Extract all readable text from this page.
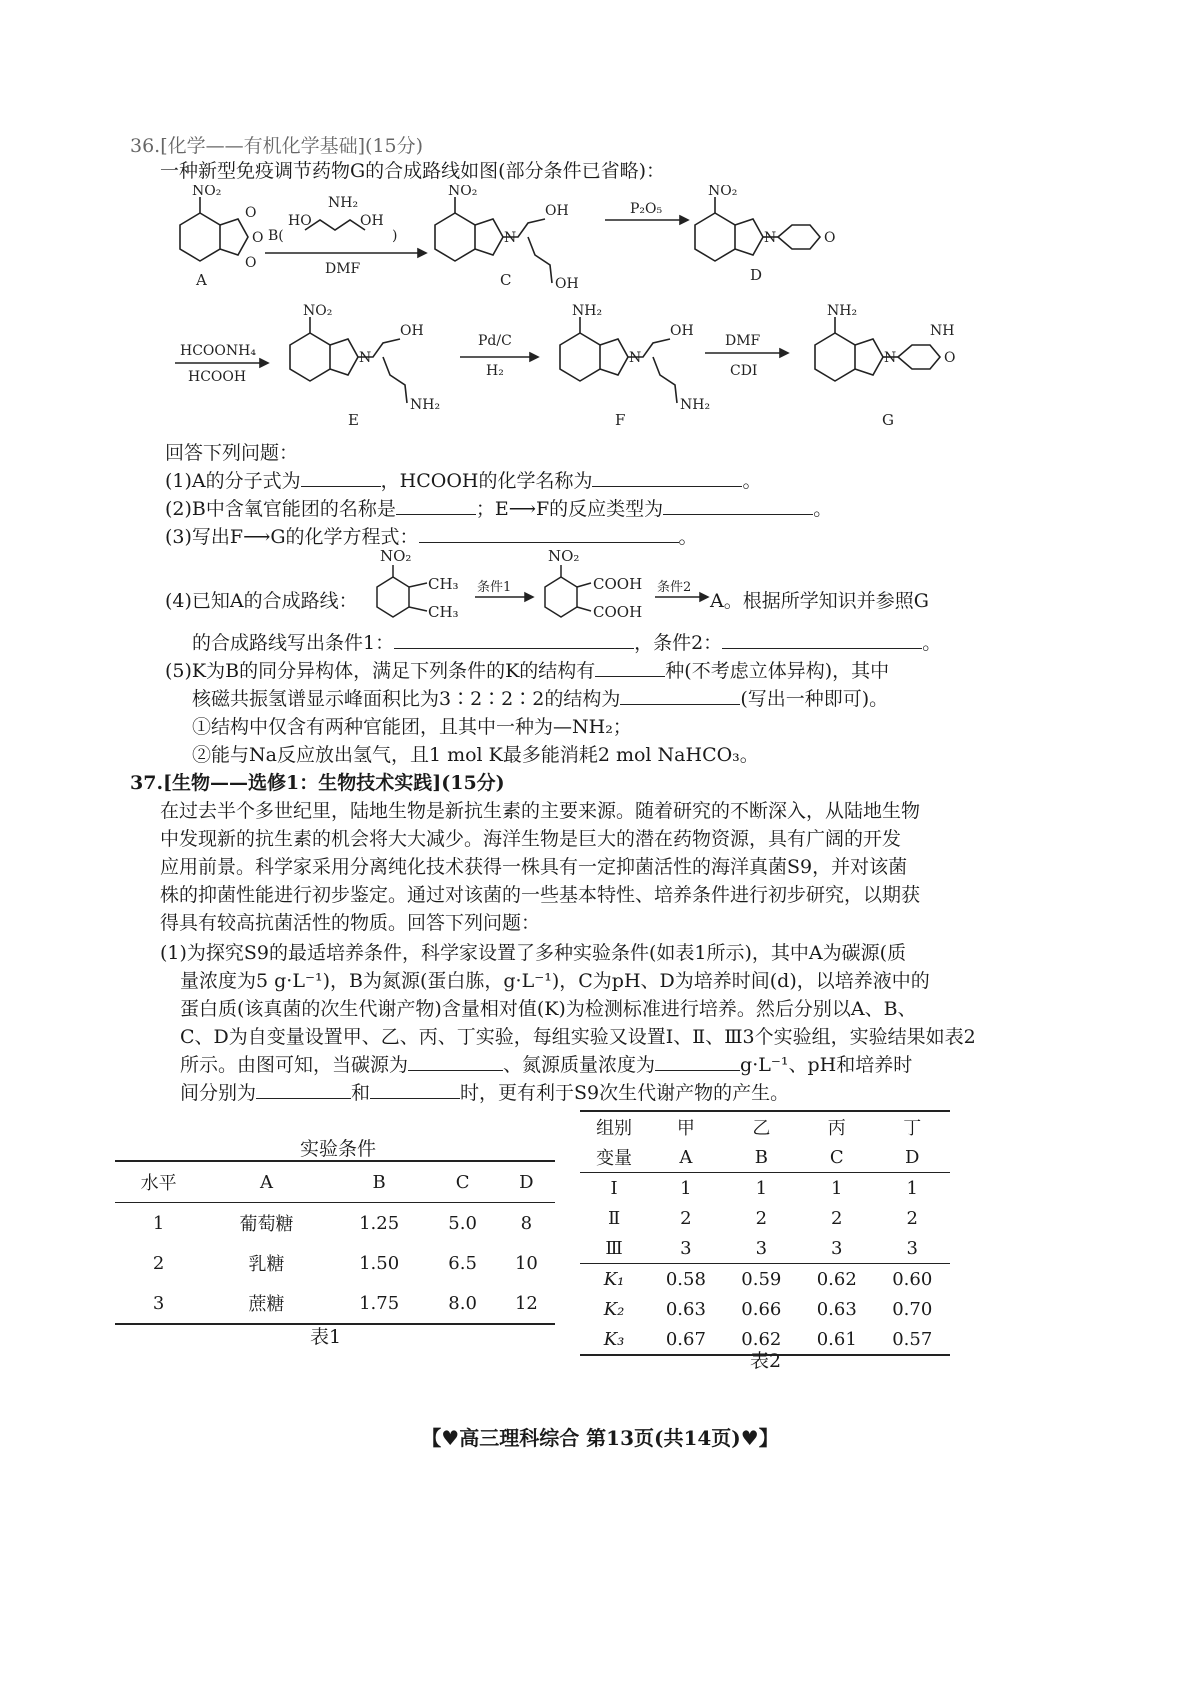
36.[化学——有机化学基础](15分)
一种新型免疫调节药物G的合成路线如图(部分条件已省略)：
NO₂
O
O
O
A
B(
HO
NH₂
OH
)
DMF
NO₂
N
OH
OH
C
P₂O₅
NO₂
N	O
D
HCOONH₄
HCOOH
NO₂
N
OH
NH₂
E
Pd/C
H₂
NH₂
N
OH
NH₂
F
DMF
CDI
NH₂
N
NH
O
G
回答下列问题：
(1)A的分子式为	，HCOOH的化学名称为	。
(2)B中含氧官能团的名称是	；E⟶F的反应类型为	。
(3)写出F⟶G的化学方程式：	。
NO₂
CH₃
CH₃
条件1
NO₂
COOH
COOH
条件2
(4)已知A的合成路线：	A。根据所学知识并参照G
的合成路线写出条件1：	，条件2：	。
(5)K为B的同分异构体，满足下列条件的K的结构有	种(不考虑立体异构)，其中
核磁共振氢谱显示峰面积比为3∶2∶2∶2的结构为	(写出一种即可)。
①结构中仅含有两种官能团，且其中一种为—NH₂；
②能与Na反应放出氢气，且1 mol K最多能消耗2 mol NaHCO₃。
37.[生物——选修1：生物技术实践](15分)
在过去半个多世纪里，陆地生物是新抗生素的主要来源。随着研究的不断深入，从陆地生物
中发现新的抗生素的机会将大大减少。海洋生物是巨大的潜在药物资源，具有广阔的开发
应用前景。科学家采用分离纯化技术获得一株具有一定抑菌活性的海洋真菌S9，并对该菌
株的抑菌性能进行初步鉴定。通过对该菌的一些基本特性、培养条件进行初步研究，以期获
得具有较高抗菌活性的物质。回答下列问题：
(1)为探究S9的最适培养条件，科学家设置了多种实验条件(如表1所示)，其中A为碳源(质
量浓度为5 g·L⁻¹)，B为氮源(蛋白胨，g·L⁻¹)，C为pH、D为培养时间(d)，以培养液中的
蛋白质(该真菌的次生代谢产物)含量相对值(K)为检测标准进行培养。然后分别以A、B、
C、D为自变量设置甲、乙、丙、丁实验，每组实验又设置Ⅰ、Ⅱ、Ⅲ3个实验组，实验结果如表2
所示。由图可知，当碳源为	、氮源质量浓度为	g·L⁻¹、pH和培养时
间分别为	和	时，更有利于S9次生代谢产物的产生。
实验条件
水平	A	B	C	D
1	葡萄糖	1.25	5.0	8
2	乳糖	1.50	6.5	10
3	蔗糖	1.75	8.0	12
表1
组别	甲	乙	丙	丁
变量	A	B	C	D
Ⅰ	1	1	1	1
Ⅱ	2	2	2	2
Ⅲ	3	3	3	3
K₁	0.58	0.59	0.62	0.60
K₂	0.63	0.66	0.63	0.70
K₃	0.67	0.62	0.61	0.57
表2
【♥高三理科综合 第13页(共14页)♥】
